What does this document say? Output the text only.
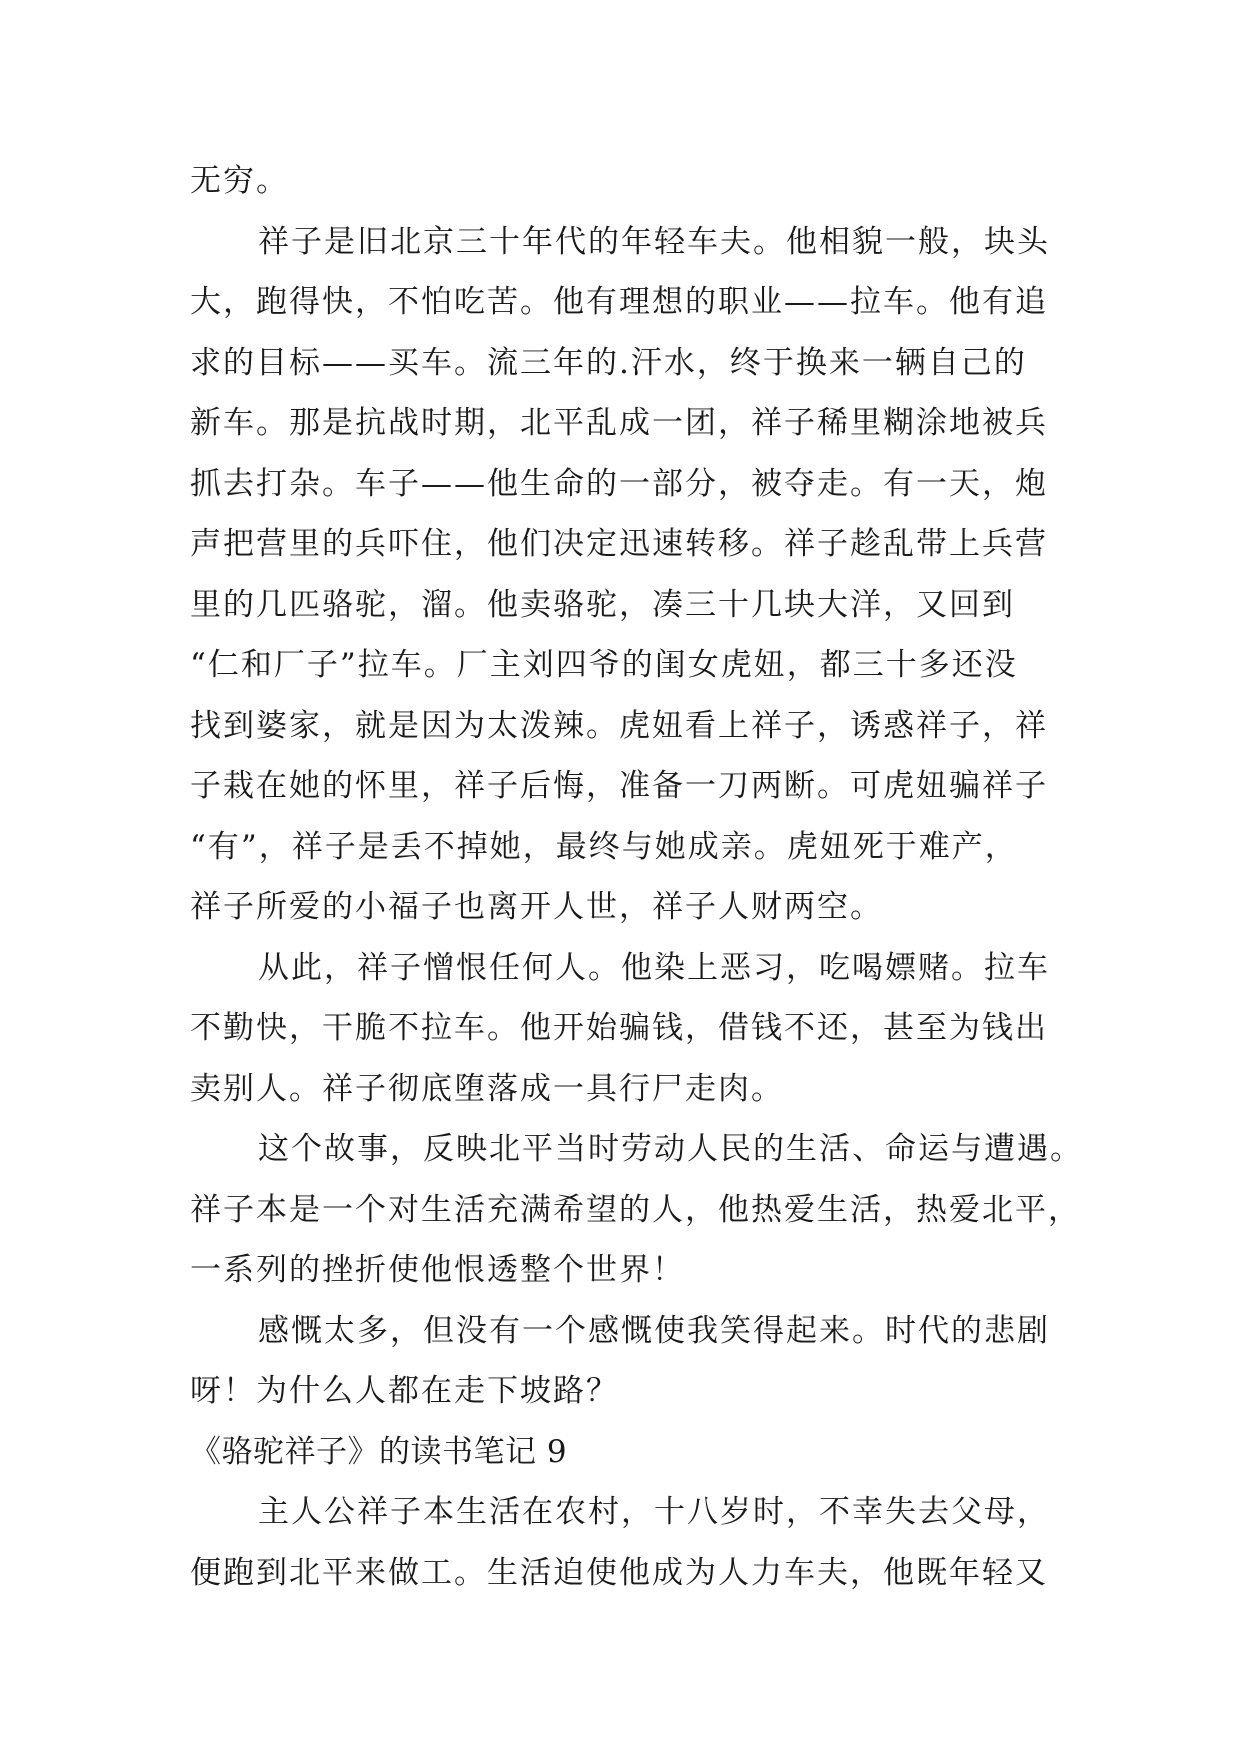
无穷。
祥子是旧北京三十年代的年轻车夫。他相貌一般，块头
大，跑得快，不怕吃苦。他有理想的职业——拉车。他有追
求的目标——买车。流三年的.汗水，终于换来一辆自己的
新车。那是抗战时期，北平乱成一团，祥子稀里糊涂地被兵
抓去打杂。车子——他生命的一部分，被夺走。有一天，炮
声把营里的兵吓住，他们决定迅速转移。祥子趁乱带上兵营
里的几匹骆驼，溜。他卖骆驼，凑三十几块大洋，又回到
“仁和厂子”拉车。厂主刘四爷的闺女虎妞，都三十多还没
找到婆家，就是因为太泼辣。虎妞看上祥子，诱惑祥子，祥
子栽在她的怀里，祥子后悔，准备一刀两断。可虎妞骗祥子
“有”，祥子是丢不掉她，最终与她成亲。虎妞死于难产，
祥子所爱的小福子也离开人世，祥子人财两空。
从此，祥子憎恨任何人。他染上恶习，吃喝嫖赌。拉车
不勤快，干脆不拉车。他开始骗钱，借钱不还，甚至为钱出
卖别人。祥子彻底堕落成一具行尸走肉。
这个故事，反映北平当时劳动人民的生活、命运与遭遇。
祥子本是一个对生活充满希望的人，他热爱生活，热爱北平，
一系列的挫折使他恨透整个世界！
感慨太多，但没有一个感慨使我笑得起来。时代的悲剧
呀！为什么人都在走下坡路？
《骆驼祥子》的读书笔记 9
主人公祥子本生活在农村，十八岁时，不幸失去父母，
便跑到北平来做工。生活迫使他成为人力车夫，他既年轻又
